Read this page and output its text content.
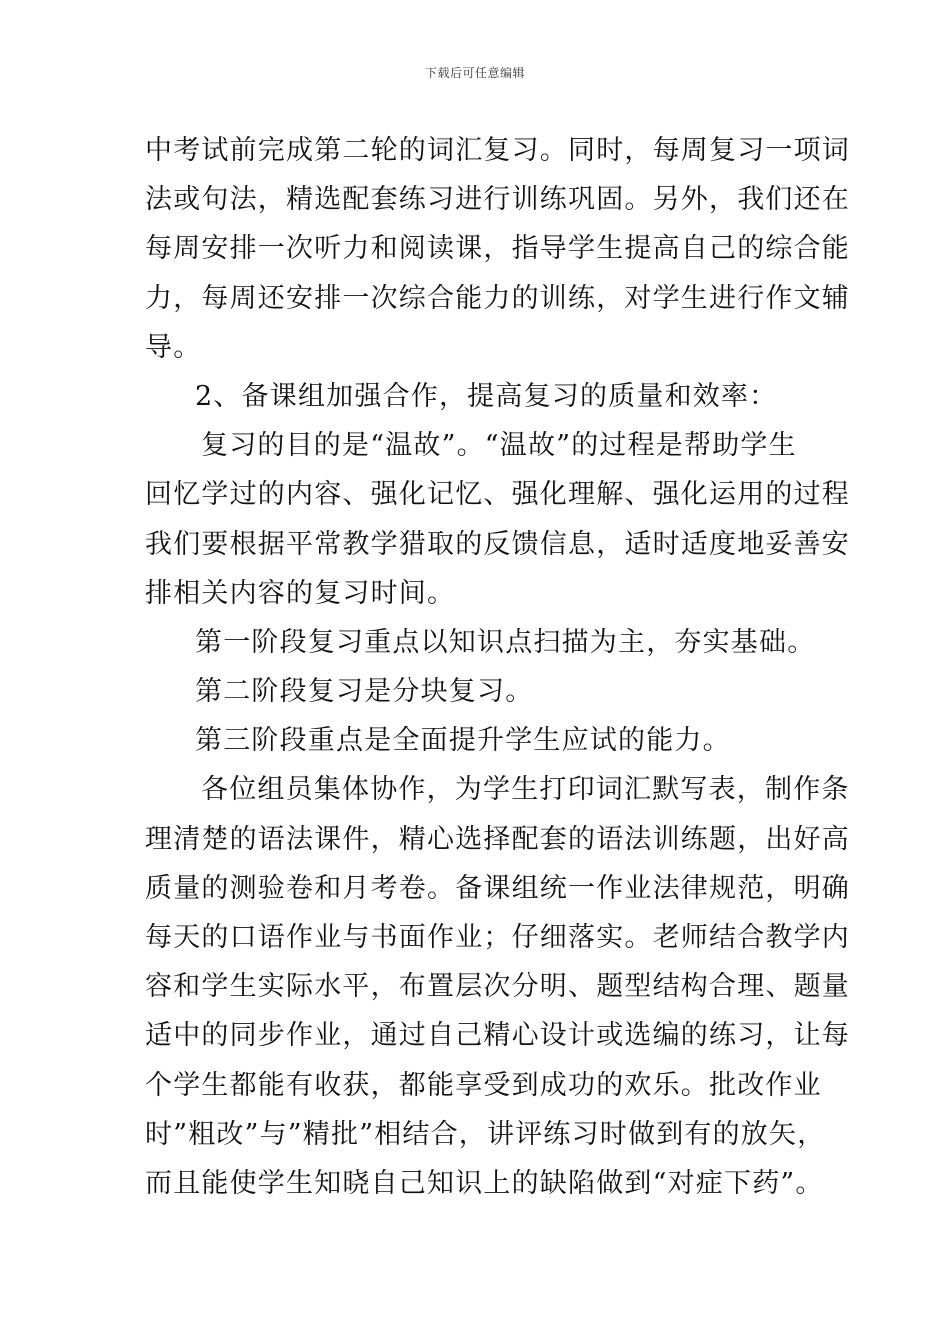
下载后可任意编辑
中考试前完成第二轮的词汇复习。同时，每周复习一项词
法或句法，精选配套练习进行训练巩固。另外，我们还在
每周安排一次听力和阅读课，指导学生提高自己的综合能
力，每周还安排一次综合能力的训练，对学生进行作文辅
导。
2、备课组加强合作，提高复习的质量和效率：
复习的目的是“温故”。“温故”的过程是帮助学生
回忆学过的内容、强化记忆、强化理解、强化运用的过程
我们要根据平常教学猎取的反馈信息，适时适度地妥善安
排相关内容的复习时间。
第一阶段复习重点以知识点扫描为主，夯实基础。
第二阶段复习是分块复习。
第三阶段重点是全面提升学生应试的能力。
各位组员集体协作，为学生打印词汇默写表，制作条
理清楚的语法课件，精心选择配套的语法训练题，出好高
质量的测验卷和月考卷。备课组统一作业法律规范，明确
每天的口语作业与书面作业；仔细落实。老师结合教学内
容和学生实际水平，布置层次分明、题型结构合理、题量
适中的同步作业，通过自己精心设计或选编的练习，让每
个学生都能有收获，都能享受到成功的欢乐。批改作业
时”粗改”与”精批”相结合，讲评练习时做到有的放矢，
而且能使学生知晓自己知识上的缺陷做到“对症下药”。
